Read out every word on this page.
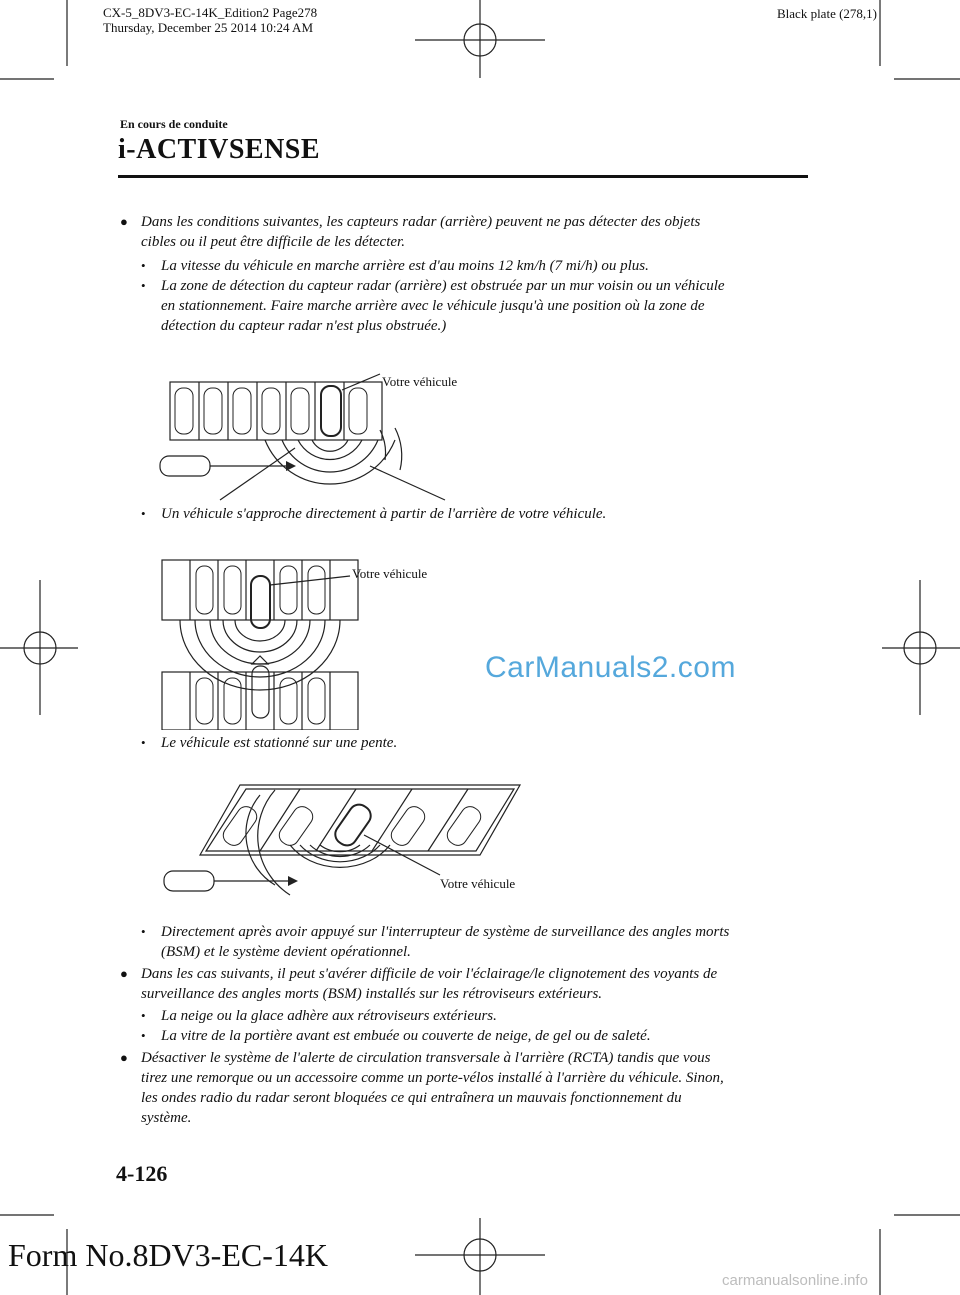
CX-5_8DV3-EC-14K_Edition2 Page278
Thursday, December 25 2014 10:24 AM
Black plate (278,1)
En cours de conduite
i-ACTIVSENSE
● Dans les conditions suivantes, les capteurs radar (arrière) peuvent ne pas détecter des objets
cibles ou il peut être difficile de les détecter.
• La vitesse du véhicule en marche arrière est d'au moins 12 km/h (7 mi/h) ou plus.
• La zone de détection du capteur radar (arrière) est obstruée par un mur voisin ou un véhicule
en stationnement. Faire marche arrière avec le véhicule jusqu'à une position où la zone de
détection du capteur radar n'est plus obstruée.)
Votre véhicule
• Un véhicule s'approche directement à partir de l'arrière de votre véhicule.
Votre véhicule
CarManuals2.com
• Le véhicule est stationné sur une pente.
Votre véhicule
• Directement après avoir appuyé sur l'interrupteur de système de surveillance des angles morts
(BSM) et le système devient opérationnel.
● Dans les cas suivants, il peut s'avérer difficile de voir l'éclairage/le clignotement des voyants de
surveillance des angles morts (BSM) installés sur les rétroviseurs extérieurs.
• La neige ou la glace adhère aux rétroviseurs extérieurs.
• La vitre de la portière avant est embuée ou couverte de neige, de gel ou de saleté.
● Désactiver le système de l'alerte de circulation transversale à l'arrière (RCTA) tandis que vous
tirez une remorque ou un accessoire comme un porte-vélos installé à l'arrière du véhicule. Sinon,
les ondes radio du radar seront bloquées ce qui entraînera un mauvais fonctionnement du
système.
4-126
Form No.8DV3-EC-14K
carmanualsonline.info
